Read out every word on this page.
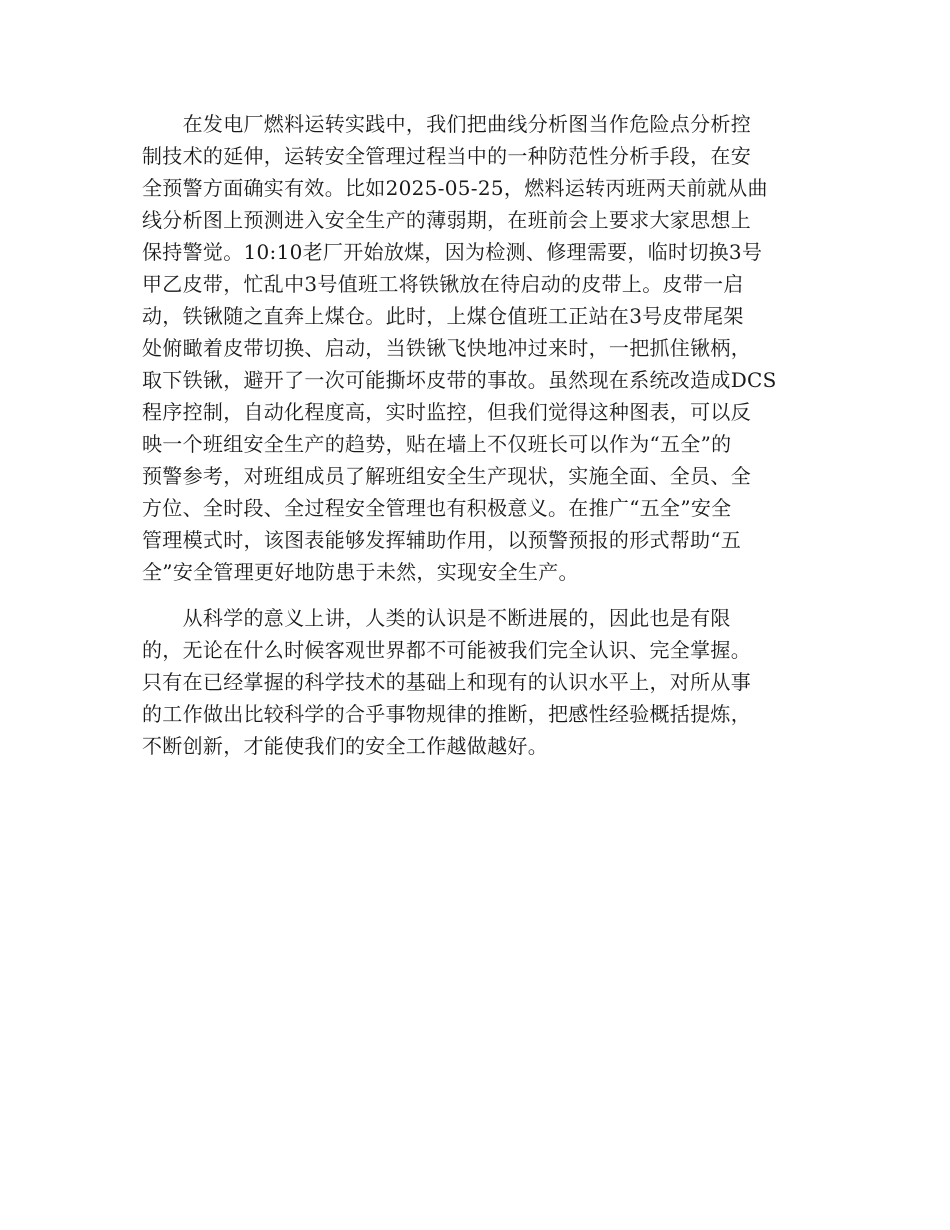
　　在发电厂燃料运转实践中，我们把曲线分析图当作危险点分析控
制技术的延伸，运转安全管理过程当中的一种防范性分析手段，在安
全预警方面确实有效。比如2025-05-25，燃料运转丙班两天前就从曲
线分析图上预测进入安全生产的薄弱期，在班前会上要求大家思想上
保持警觉。10:10老厂开始放煤，因为检测、修理需要，临时切换3号
甲乙皮带，忙乱中3号值班工将铁锹放在待启动的皮带上。皮带一启
动，铁锹随之直奔上煤仓。此时，上煤仓值班工正站在3号皮带尾架
处俯瞰着皮带切换、启动，当铁锹飞快地冲过来时，一把抓住锹柄，
取下铁锹，避开了一次可能撕坏皮带的事故。虽然现在系统改造成DCS
程序控制，自动化程度高，实时监控，但我们觉得这种图表，可以反
映一个班组安全生产的趋势，贴在墙上不仅班长可以作为“五全”的
预警参考，对班组成员了解班组安全生产现状，实施全面、全员、全
方位、全时段、全过程安全管理也有积极意义。在推广“五全”安全
管理模式时，该图表能够发挥辅助作用，以预警预报的形式帮助“五
全”安全管理更好地防患于未然，实现安全生产。
　　从科学的意义上讲，人类的认识是不断进展的，因此也是有限
的，无论在什么时候客观世界都不可能被我们完全认识、完全掌握。
只有在已经掌握的科学技术的基础上和现有的认识水平上，对所从事
的工作做出比较科学的合乎事物规律的推断，把感性经验概括提炼，
不断创新，才能使我们的安全工作越做越好。
